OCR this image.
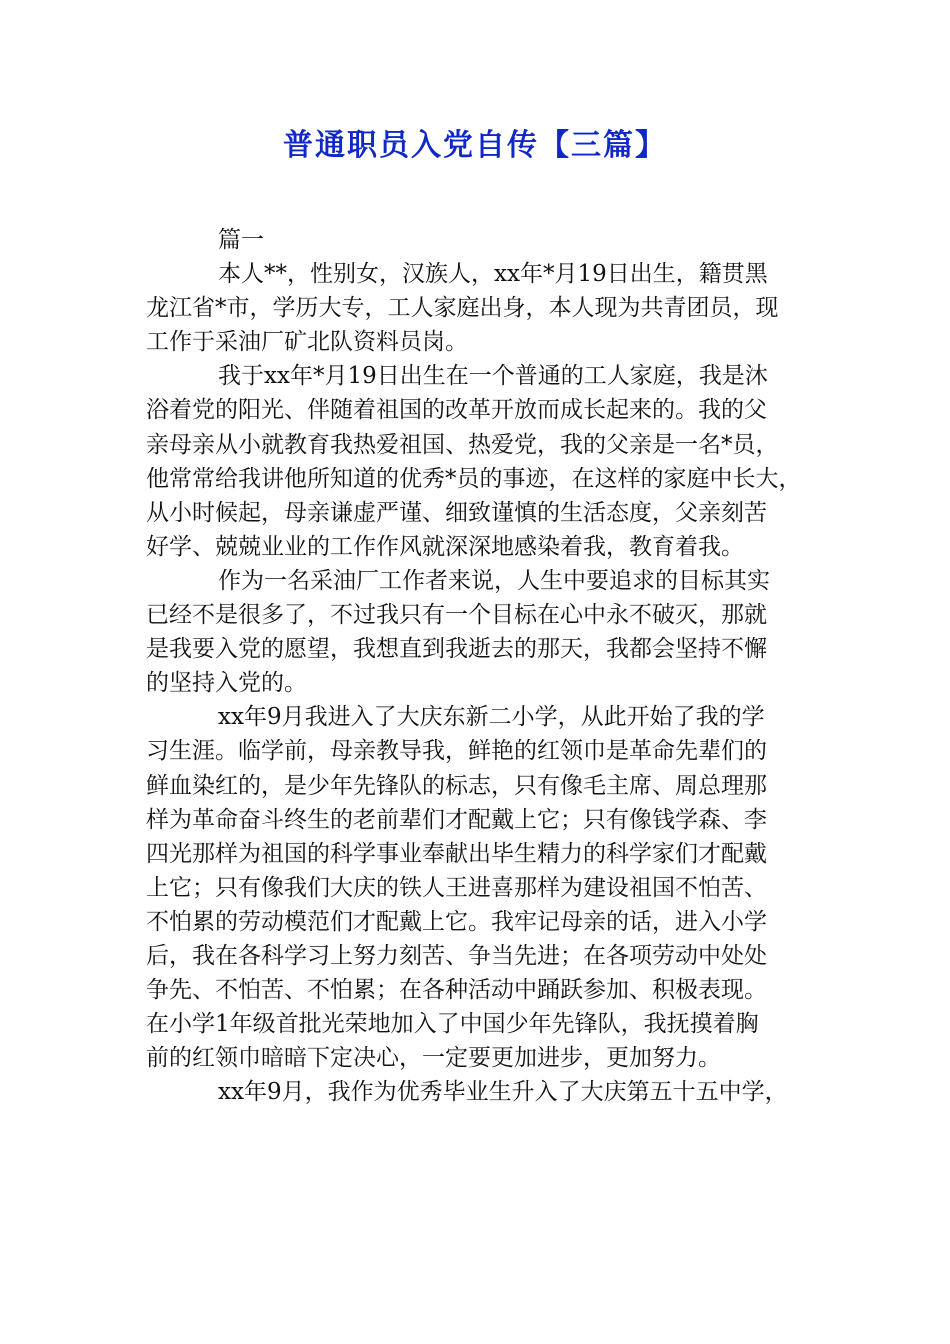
普通职员入党自传【三篇】
篇一
本人**，性别女，汉族人，xx年*月19日出生，籍贯黑
龙江省*市，学历大专，工人家庭出身，本人现为共青团员，现
工作于采油厂矿北队资料员岗。
我于xx年*月19日出生在一个普通的工人家庭，我是沐
浴着党的阳光、伴随着祖国的改革开放而成长起来的。我的父
亲母亲从小就教育我热爱祖国、热爱党，我的父亲是一名*员，
他常常给我讲他所知道的优秀*员的事迹，在这样的家庭中长大，
从小时候起，母亲谦虚严谨、细致谨慎的生活态度，父亲刻苦
好学、兢兢业业的工作作风就深深地感染着我，教育着我。
作为一名采油厂工作者来说，人生中要追求的目标其实
已经不是很多了，不过我只有一个目标在心中永不破灭，那就
是我要入党的愿望，我想直到我逝去的那天，我都会坚持不懈
的坚持入党的。
xx年9月我进入了大庆东新二小学，从此开始了我的学
习生涯。临学前，母亲教导我，鲜艳的红领巾是革命先辈们的
鲜血染红的，是少年先锋队的标志，只有像毛主席、周总理那
样为革命奋斗终生的老前辈们才配戴上它；只有像钱学森、李
四光那样为祖国的科学事业奉献出毕生精力的科学家们才配戴
上它；只有像我们大庆的铁人王进喜那样为建设祖国不怕苦、
不怕累的劳动模范们才配戴上它。我牢记母亲的话，进入小学
后，我在各科学习上努力刻苦、争当先进；在各项劳动中处处
争先、不怕苦、不怕累；在各种活动中踊跃参加、积极表现。
在小学1年级首批光荣地加入了中国少年先锋队，我抚摸着胸
前的红领巾暗暗下定决心，一定要更加进步，更加努力。
xx年9月，我作为优秀毕业生升入了大庆第五十五中学，
